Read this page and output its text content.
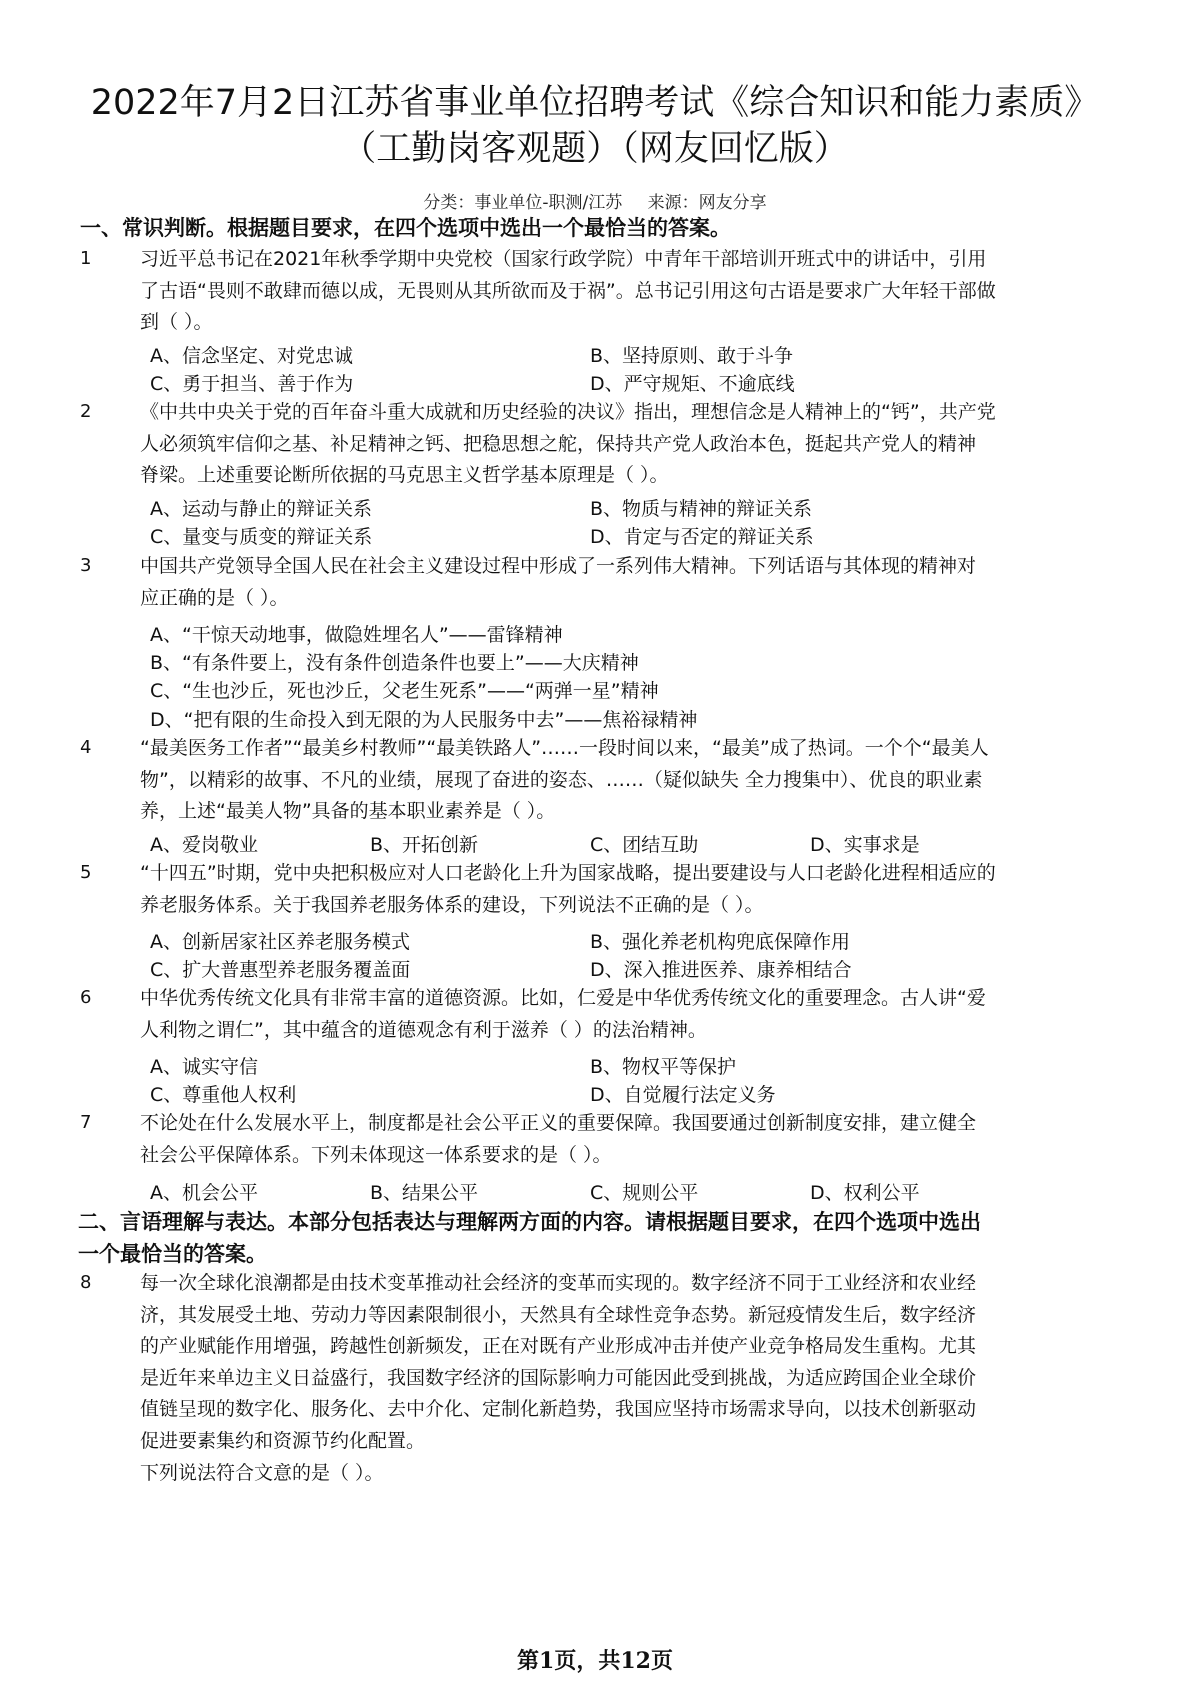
2022年7月2日江苏省事业单位招聘考试《综合知识和能力素质》
（工勤岗客观题）（网友回忆版）
分类：事业单位-职测/江苏 来源：网友分享
一、常识判断。根据题目要求，在四个选项中选出一个最恰当的答案。
1	习近平总书记在2021年秋季学期中央党校（国家行政学院）中青年干部培训开班式中的讲话中，引用
了古语“畏则不敢肆而德以成，无畏则从其所欲而及于祸”。总书记引用这句古语是要求广大年轻干部做
到（ ）。
A、信念坚定、对党忠诚	B、坚持原则、敢于斗争
C、勇于担当、善于作为	D、严守规矩、不逾底线
2	《中共中央关于党的百年奋斗重大成就和历史经验的决议》指出，理想信念是人精神上的“钙”，共产党
人必须筑牢信仰之基、补足精神之钙、把稳思想之舵，保持共产党人政治本色，挺起共产党人的精神
脊梁。上述重要论断所依据的马克思主义哲学基本原理是（ ）。
A、运动与静止的辩证关系	B、物质与精神的辩证关系
C、量变与质变的辩证关系	D、肯定与否定的辩证关系
3	中国共产党领导全国人民在社会主义建设过程中形成了一系列伟大精神。下列话语与其体现的精神对
应正确的是（ ）。
A、“干惊天动地事，做隐姓埋名人”——雷锋精神
B、“有条件要上，没有条件创造条件也要上”——大庆精神
C、“生也沙丘，死也沙丘，父老生死系”——“两弹一星”精神
D、“把有限的生命投入到无限的为人民服务中去”——焦裕禄精神
4	“最美医务工作者”“最美乡村教师”“最美铁路人”……一段时间以来，“最美”成了热词。一个个“最美人
物”，以精彩的故事、不凡的业绩，展现了奋进的姿态、……（疑似缺失 全力搜集中）、优良的职业素
养，上述“最美人物”具备的基本职业素养是（ ）。
A、爱岗敬业	B、开拓创新	C、团结互助	D、实事求是
5	“十四五”时期，党中央把积极应对人口老龄化上升为国家战略，提出要建设与人口老龄化进程相适应的
养老服务体系。关于我国养老服务体系的建设，下列说法不正确的是（ ）。
A、创新居家社区养老服务模式	B、强化养老机构兜底保障作用
C、扩大普惠型养老服务覆盖面	D、深入推进医养、康养相结合
6	中华优秀传统文化具有非常丰富的道德资源。比如，仁爱是中华优秀传统文化的重要理念。古人讲“爱
人利物之谓仁”，其中蕴含的道德观念有利于滋养（ ）的法治精神。
A、诚实守信	B、物权平等保护
C、尊重他人权利	D、自觉履行法定义务
7	不论处在什么发展水平上，制度都是社会公平正义的重要保障。我国要通过创新制度安排，建立健全
社会公平保障体系。下列未体现这一体系要求的是（ ）。
A、机会公平	B、结果公平	C、规则公平	D、权利公平
二、言语理解与表达。本部分包括表达与理解两方面的内容。请根据题目要求，在四个选项中选出
一个最恰当的答案。
8	每一次全球化浪潮都是由技术变革推动社会经济的变革而实现的。数字经济不同于工业经济和农业经
济，其发展受土地、劳动力等因素限制很小，天然具有全球性竞争态势。新冠疫情发生后，数字经济
的产业赋能作用增强，跨越性创新频发，正在对既有产业形成冲击并使产业竞争格局发生重构。尤其
是近年来单边主义日益盛行，我国数字经济的国际影响力可能因此受到挑战，为适应跨国企业全球价
值链呈现的数字化、服务化、去中介化、定制化新趋势，我国应坚持市场需求导向，以技术创新驱动
促进要素集约和资源节约化配置。
下列说法符合文意的是（ ）。
第1页，共12页
